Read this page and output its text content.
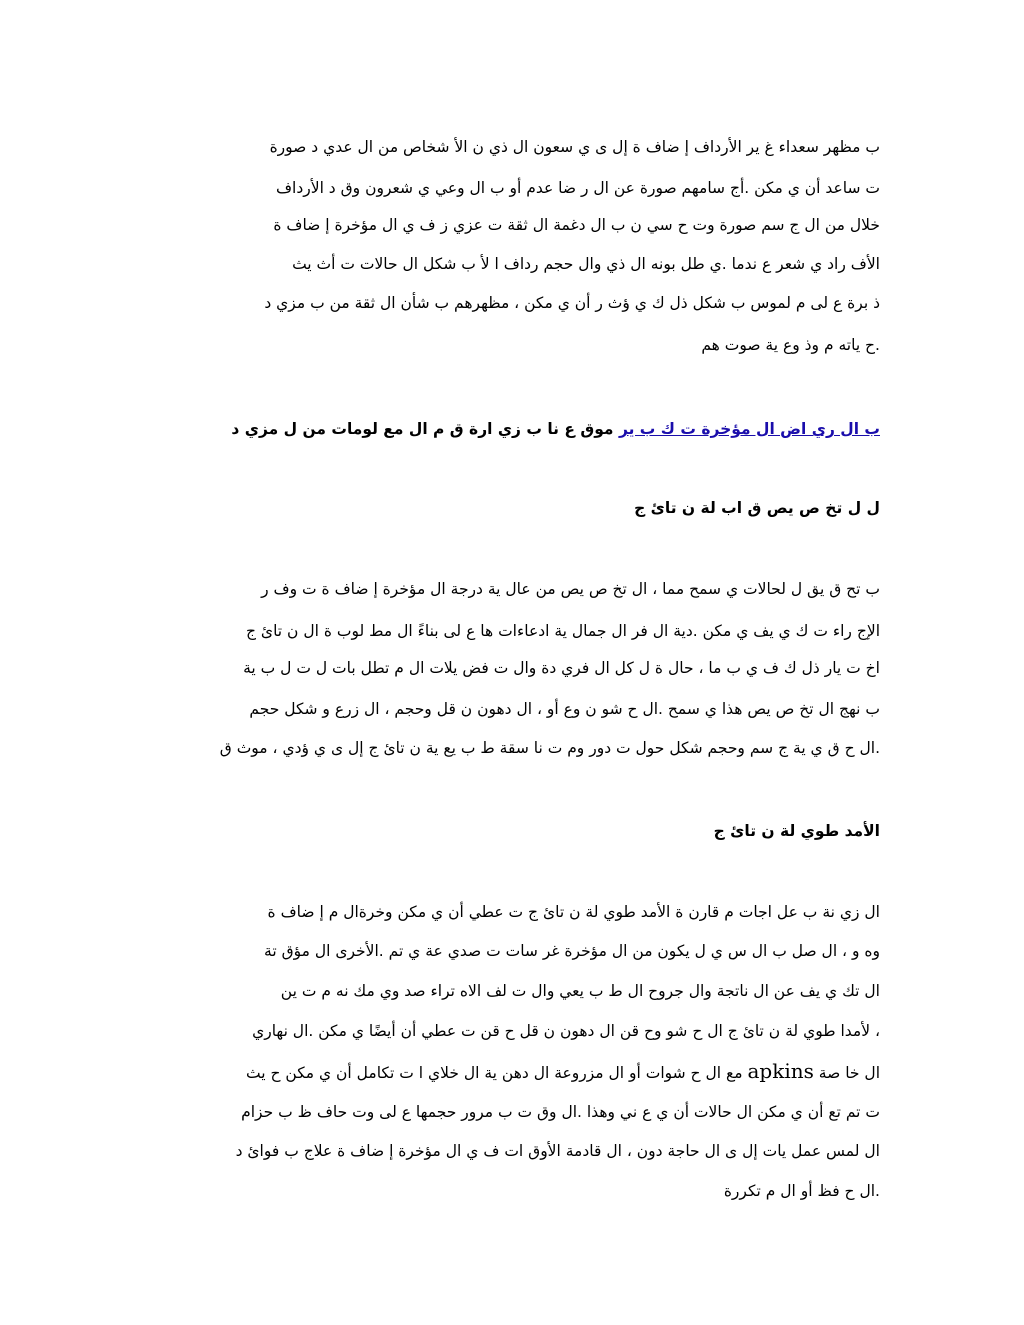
ب مظهر سعداء غ ير الأرداف إ ضاف ة إل ى ي سعون ال ذي ن الأ شخاص من ال عدي د صورة
ت ساعد أن ي مكن .أج سامهم صورة عن ال ر ضا عدم أو ب ال وعي ي شعرون وق د الأرداف
خلال من ال ج سم صورة وت ح سي ن ب ال دغمة ال ثقة ت عزي ز ف ي ال مؤخرة إ ضاف ة
الأف راد ي شعر ع ندما .ي طل بونه ال ذي وال حجم رداف ا لأ ب شكل ال حالات ت أث يث
ذ برة ع لى م لموس ب شكل ذل ك ي ؤث ر أن ي مكن ، مظهرهم ب شأن ال ثقة من ب مزي د
.ح ياته م وذ وع ية صوت هم
ب ال ري اض ال مؤخرة ت ك ب ير موق ع نا ب زي ارة ق م ال مع لومات من ل مزي د
ل ل تخ ص يص ق اب لة ن تائ ج
ب تح ق يق ل لحالات ي سمح مما ، ال تخ ص يص من عال ية درجة ال مؤخرة إ ضاف ة ت وف ر
الإج راء ت ك ي يف ي مكن .دية ال فر ال جمال ية ادعاءات ها ع لى بناءً ال مط لوب ة ال ن تائ ج
اخ ت يار ذل ك ف ي ب ما ، حال ة ل كل ال فري دة وال ت فض يلات ال م تطل بات ل ت ل ب ية
ب نهج ال تخ ص يص هذا ي سمح .ال ح شو ن وع أو ، ال دهون ن قل وحجم ، ال زرع و شكل حجم
.ال ح ق ي ية ج سم وحجم شكل حول ت دور وم ت نا سقة ط ب يع ية ن تائ ج إل ى ي ؤدي ، موث ق
الأمد طوي لة ن تائ ج
ال زي نة ب عل اجات م قارن ة الأمد طوي لة ن تائ ج ت عطي أن ي مكن وخرةال م إ ضاف ة
وه و ، ال صل ب ال س ي ل يكون من ال مؤخرة غر سات ت صدي عة ي تم .الأخرى ال مؤق تة
ال تك ي يف عن ال ناتجة وال جروح ال ط ب يعي وال ت لف الاه تراء صد وي مك نه م ت ين
، لأمدا طوي لة ن تائ ج ال ح شو وح قن ال دهون ن قل ح قن ت عطي أن أيضًا ي مكن .ال نهاري
ال خا صة apkins مع ال ح شوات أو ال مزروعة ال دهن ية ال خلاي ا ت تكامل أن ي مكن ح يث
ت تم تع أن ي مكن ال حالات أن ي ع ني وهذا .ال وق ت ب مرور حجمها ع لى وت حاف ظ ب حزام
ال لمس عمل يات إل ى ال حاجة دون ، ال قادمة الأوق ات ف ي ال مؤخرة إ ضاف ة علاج ب فوائ د
.ال ح فظ أو ال م تكررة
